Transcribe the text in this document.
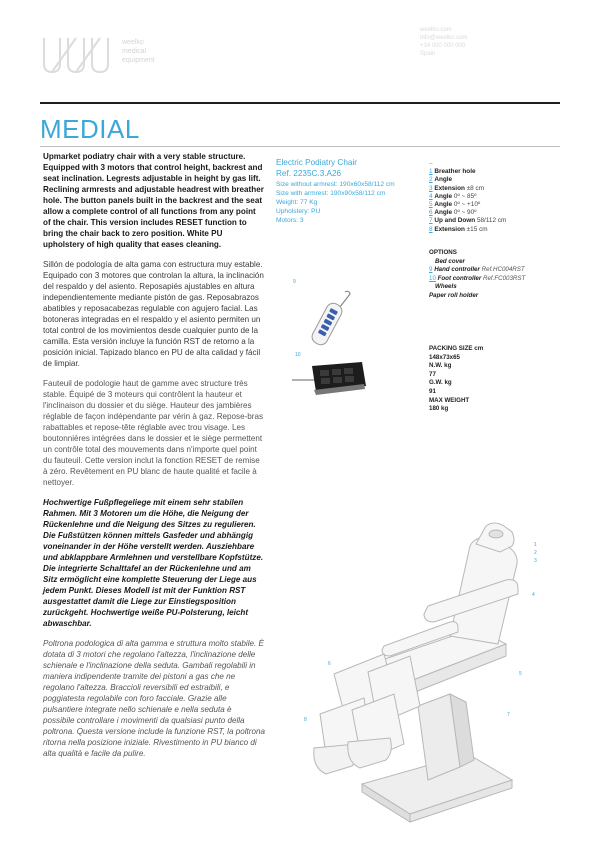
weelko
medical
equipment
weelko.com
info@weelko.com
+34 000 000 000
Spain
MEDIAL

Upmarket podiatry chair with a very stable structure. Equipped with 3 motors that control height, backrest and seat inclination. Legrests adjustable in height by gas lift. Reclining armrests and adjustable headrest with breather hole. The button panels built in the backrest and the seat allow a complete control of all functions from any point of the chair. This version includes RESET function to bring the chair back to zero position. White PU upholstery of high quality that eases cleaning.

Sillón de podología de alta gama con estructura muy estable. Equipado con 3 motores que controlan la altura, la inclinación del respaldo y del asiento. Reposapiés ajustables en altura independientemente mediante pistón de gas. Reposabrazos abatibles y reposacabezas regulable con agujero facial. Las botoneras integradas en el respaldo y el asiento permiten un total control de los movimientos desde cualquier punto de la camilla. Esta versión incluye la función RST de retorno a la posición inicial. Tapizado blanco en PU de alta calidad y fácil de limpiar.

Fauteuil de podologie haut de gamme avec structure très stable. Équipé de 3 moteurs qui contrôlent la hauteur et l'inclinaison du dossier et du siège. Hauteur des jambières réglable de façon indépendante par vérin à gaz. Repose-bras rabattables et repose-tête réglable avec trou visage. Les boutonnières intégrées dans le dossier et le siège permettent un contrôle total des mouvements dans n'importe quel point du fauteuil. Cette version inclut la fonction RESET de remise à zéro. Revêtement en PU blanc de haute qualité et facile à nettoyer.

Hochwertige Fußpflegeliege mit einem sehr stabilen Rahmen. Mit 3 Motoren um die Höhe, die Neigung der Rückenlehne und die Neigung des Sitzes zu regulieren. Die Fußstützen können mittels Gasfeder und abhängig voneinander in der Höhe verstellt werden. Ausziehbare und abklappbare Armlehnen und verstellbare Kopfstütze. Die integrierte Schalttafel an der Rückenlehne und am Sitz ermöglicht eine komplette Steuerung der Liege aus jedem Punkt. Dieses Modell ist mit der Funktion RST ausgestattet damit die Liege zur Einstiegsposition zurückgeht. Hochwertige weiße PU-Polsterung, leicht abwaschbar.

Poltrona podologica di alta gamma e struttura molto stabile. È dotata di 3 motori che regolano l'altezza, l'inclinazione delle schienale e l'inclinazione della seduta. Gambali regolabili in maniera indipendente tramite dei pistoni a gas che ne regolano l'altezza. Braccioli reversibili ed estraibili, e poggiatesta regolabile con foro facciale. Grazie alle pulsantiere integrate nello schienale e nella seduta è possibile controllare i movimenti da qualsiasi punto della poltrona. Questa versione include la funzione RST, la poltrona ritorna nella posizione iniziale. Rivestimento in PU bianco di alta qualità e facile da pulire.

Electric Podiatry Chair
Ref. 2235C.3.A26
Size without armrest: 190x60x58/112 cm
Size with armrest: 190x90x58/112 cm
Weight: 77 Kg
Upholstery: PU
Motors: 3
–
1 Breather hole
2 Angle
3 Extension ±8 cm
4 Angle 0º ~ 85º
5 Angle 0º ~ +10º
6 Angle 0º ~ 90º
7 Up and Down 58/112 cm
8 Extension ±15 cm
OPTIONS
Bed cover
9 Hand controller Ref.HC004RST
10 Foot controller Ref.FC003RST
Wheels
Paper roll holder
PACKING SIZE cm
148x73x65
N.W. kg
77
G.W. kg
91
MAX WEIGHT
180 kg
9
10
1
2
3
4
5
6
7
8
